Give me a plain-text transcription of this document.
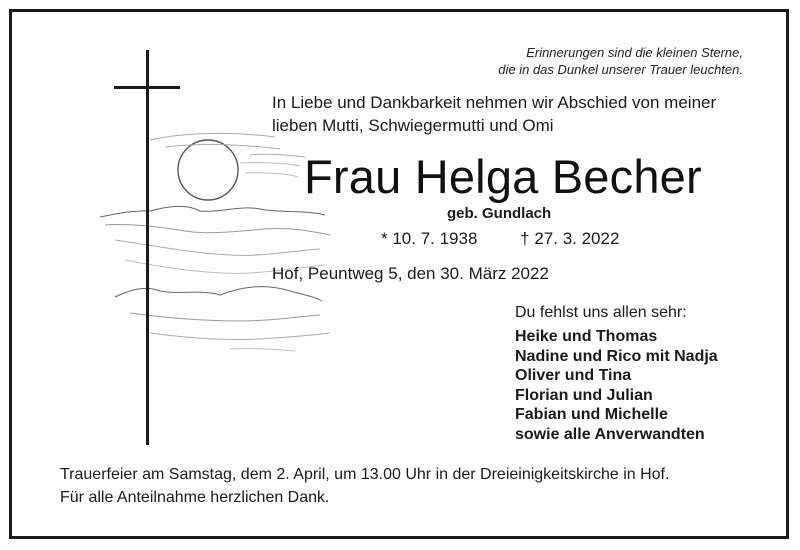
Erinnerungen sind die kleinen Sterne,
die in das Dunkel unserer Trauer leuchten.
In Liebe und Dankbarkeit nehmen wir Abschied von meiner
lieben Mutti, Schwiegermutti und Omi
Frau Helga Becher
geb. Gundlach
* 10. 7. 1938	† 27. 3. 2022
Hof, Peuntweg 5, den 30. März 2022
Du fehlst uns allen sehr:
Heike und Thomas
Nadine und Rico mit Nadja
Oliver und Tina
Florian und Julian
Fabian und Michelle
sowie alle Anverwandten
Trauerfeier am Samstag, dem 2. April, um 13.00 Uhr in der Dreieinigkeitskirche in Hof.
Für alle Anteilnahme herzlichen Dank.
